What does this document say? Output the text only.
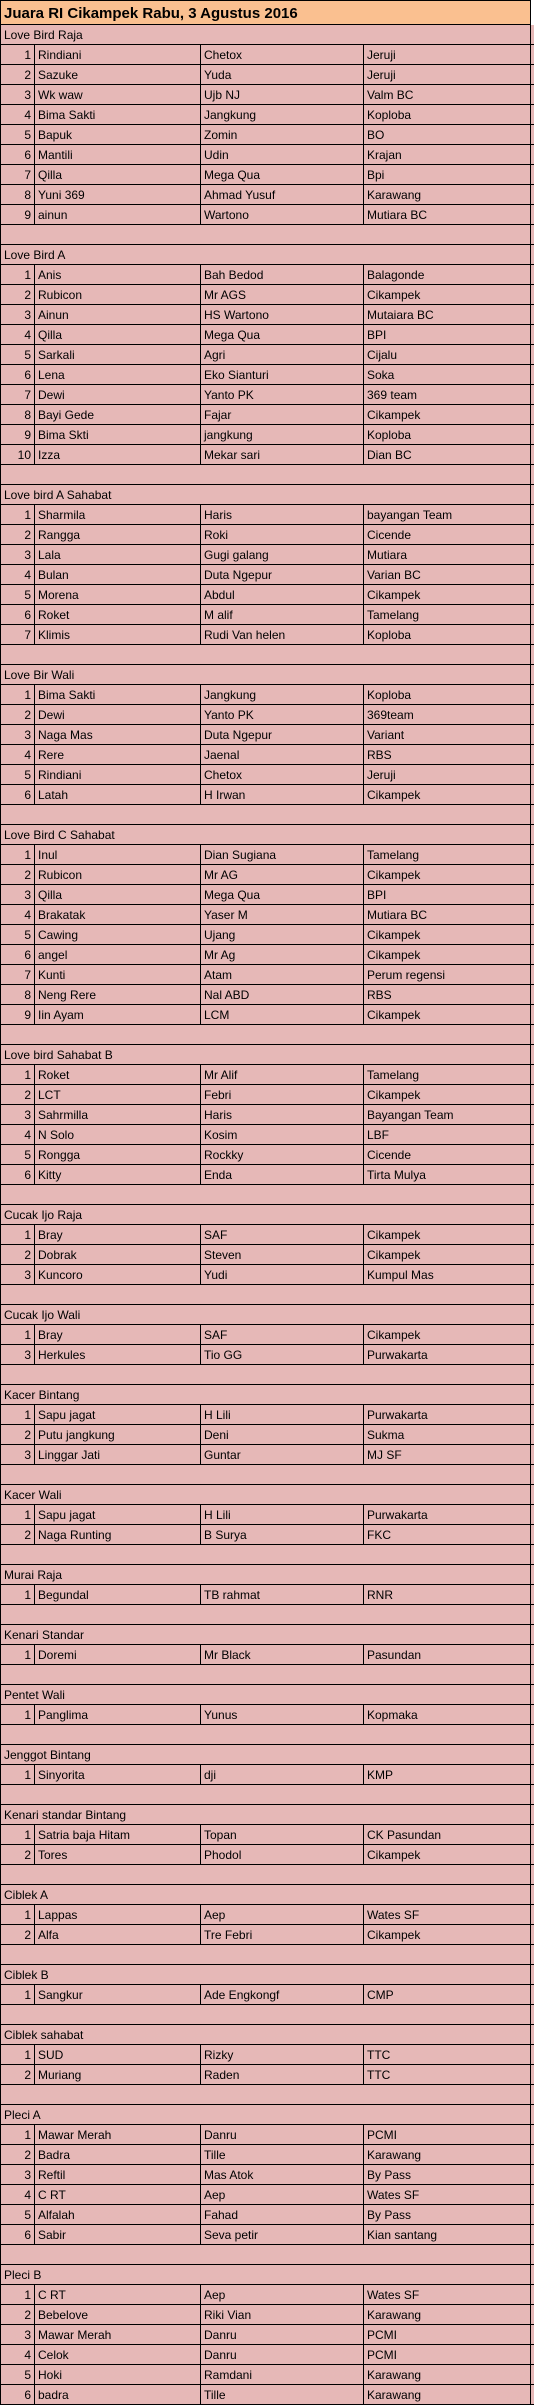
Juara RI Cikampek Rabu, 3 Agustus 2016
Love Bird Raja
1 Rindiani	Chetox	Jeruji
2 Sazuke	Yuda	Jeruji
3 Wk waw	Ujb NJ	Valm BC
4 Bima Sakti	Jangkung	Koploba
5 Bapuk	Zomin	BO
6 Mantili	Udin	Krajan
7 Qilla	Mega Qua	Bpi
8 Yuni 369	Ahmad Yusuf	Karawang
9 ainun	Wartono	Mutiara BC
Love Bird A
1 Anis	Bah Bedod	Balagonde
2 Rubicon	Mr AGS	Cikampek
3 Ainun	HS Wartono	Mutaiara BC
4 Qilla	Mega Qua	BPI
5 Sarkali	Agri	Cijalu
6 Lena	Eko Sianturi	Soka
7 Dewi	Yanto PK	369 team
8 Bayi Gede	Fajar	Cikampek
9 Bima Skti	jangkung	Koploba
10 Izza	Mekar sari	Dian BC
Love bird A Sahabat
1 Sharmila	Haris	bayangan Team
2 Rangga	Roki	Cicende
3 Lala	Gugi galang	Mutiara
4 Bulan	Duta Ngepur	Varian BC
5 Morena	Abdul	Cikampek
6 Roket	M alif	Tamelang
7 Klimis	Rudi Van helen	Koploba
Love Bir Wali
1 Bima Sakti	Jangkung	Koploba
2 Dewi	Yanto PK	369team
3 Naga Mas	Duta Ngepur	Variant
4 Rere	Jaenal	RBS
5 Rindiani	Chetox	Jeruji
6 Latah	H Irwan	Cikampek
Love Bird C Sahabat
1 Inul	Dian Sugiana	Tamelang
2 Rubicon	Mr AG	Cikampek
3 Qilla	Mega Qua	BPI
4 Brakatak	Yaser M	Mutiara BC
5 Cawing	Ujang	Cikampek
6 angel	Mr Ag	Cikampek
7 Kunti	Atam	Perum regensi
8 Neng Rere	Nal ABD	RBS
9 Iin Ayam	LCM	Cikampek
Love bird Sahabat B
1 Roket	Mr Alif	Tamelang
2 LCT	Febri	Cikampek
3 Sahrmilla	Haris	Bayangan Team
4 N Solo	Kosim	LBF
5 Rongga	Rockky	Cicende
6 Kitty	Enda	Tirta Mulya
Cucak Ijo Raja
1 Bray	SAF	Cikampek
2 Dobrak	Steven	Cikampek
3 Kuncoro	Yudi	Kumpul Mas
Cucak Ijo Wali
1 Bray	SAF	Cikampek
3 Herkules	Tio GG	Purwakarta
Kacer Bintang
1 Sapu jagat	H Lili	Purwakarta
2 Putu jangkung	Deni	Sukma
3 Linggar Jati	Guntar	MJ SF
Kacer Wali
1 Sapu jagat	H Lili	Purwakarta
2 Naga Runting	B Surya	FKC
Murai Raja
1 Begundal	TB rahmat	RNR
Kenari Standar
1 Doremi	Mr Black	Pasundan
Pentet Wali
1 Panglima	Yunus	Kopmaka
Jenggot Bintang
1 Sinyorita	dji	KMP
Kenari standar Bintang
1 Satria baja Hitam	Topan	CK Pasundan
2 Tores	Phodol	Cikampek
Ciblek A
1 Lappas	Aep	Wates SF
2 Alfa	Tre Febri	Cikampek
Ciblek B
1 Sangkur	Ade Engkongf	CMP
Ciblek sahabat
1 SUD	Rizky	TTC
2 Muriang	Raden	TTC
Pleci A
1 Mawar Merah	Danru	PCMI
2 Badra	Tille	Karawang
3 Reftil	Mas Atok	By Pass
4 C RT	Aep	Wates SF
5 Alfalah	Fahad	By Pass
6 Sabir	Seva petir	Kian santang
Pleci B
1 C RT	Aep	Wates SF
2 Bebelove	Riki Vian	Karawang
3 Mawar Merah	Danru	PCMI
4 Celok	Danru	PCMI
5 Hoki	Ramdani	Karawang
6 badra	Tille	Karawang
